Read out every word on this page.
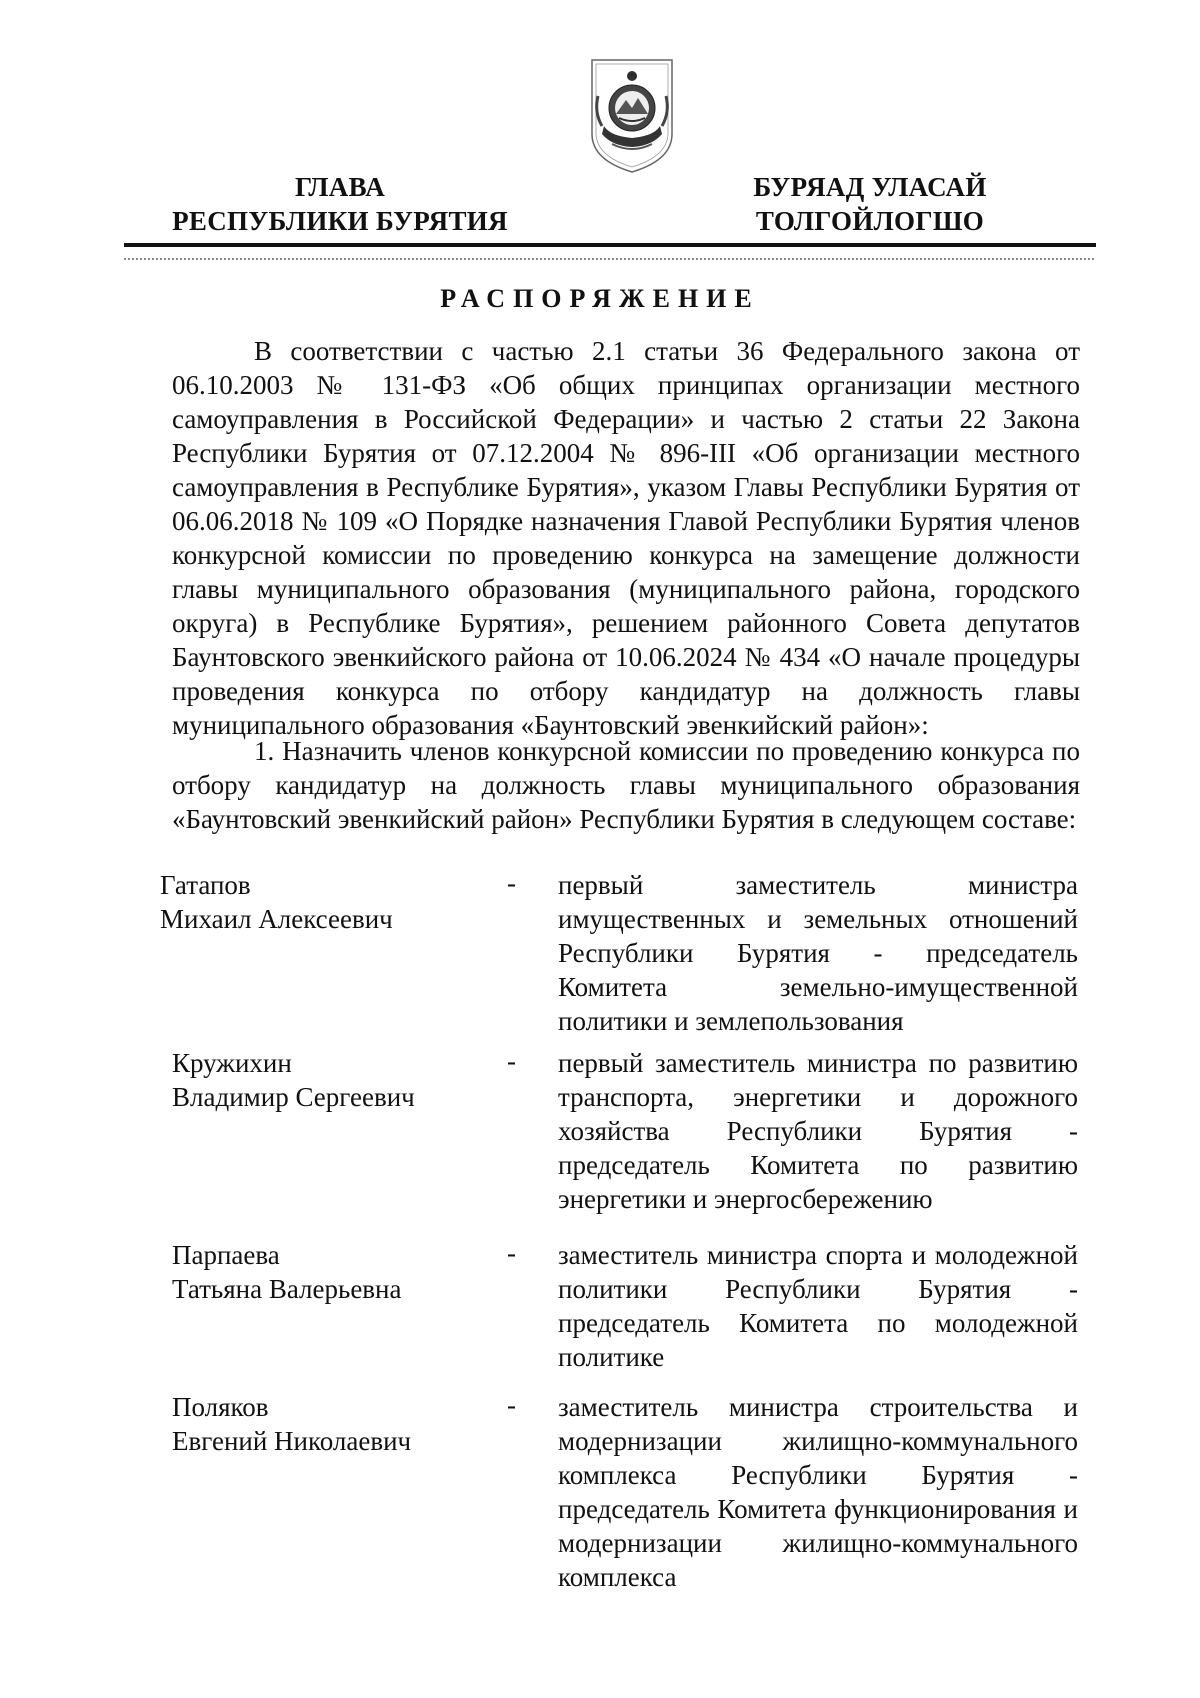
ГЛАВА
РЕСПУБЛИКИ БУРЯТИЯ
БУРЯАД УЛАСАЙ
ТОЛГОЙЛОГШО
РАСПОРЯЖЕНИЕ
В соответствии с частью 2.1 статьи 36 Федерального закона от 06.10.2003 № 131-ФЗ «Об общих принципах организации местного самоуправления в Российской Федерации» и частью 2 статьи 22 Закона Республики Бурятия от 07.12.2004 № 896-III «Об организации местного самоуправления в Республике Бурятия», указом Главы Республики Бурятия от 06.06.2018 № 109 «О Порядке назначения Главой Республики Бурятия членов конкурсной комиссии по проведению конкурса на замещение должности главы муниципального образования (муниципального района, городского округа) в Республике Бурятия», решением районного Совета депутатов Баунтовского эвенкийского района от 10.06.2024 № 434 «О начале процедуры проведения конкурса по отбору кандидатур на должность главы муниципального образования «Баунтовский эвенкийский район»:
1. Назначить членов конкурсной комиссии по проведению конкурса по отбору кандидатур на должность главы муниципального образования «Баунтовский эвенкийский район» Республики Бурятия в следующем составе:
Гатапов
Михаил Алексеевич
- первый заместитель министра имущественных и земельных отношений Республики Бурятия - председатель Комитета земельно-имущественной политики и землепользования
Кружихин
Владимир Сергеевич
- первый заместитель министра по развитию транспорта, энергетики и дорожного хозяйства Республики Бурятия - председатель Комитета по развитию энергетики и энергосбережению
Парпаева
Татьяна Валерьевна
- заместитель министра спорта и молодежной политики Республики Бурятия - председатель Комитета по молодежной политике
Поляков
Евгений Николаевич
- заместитель министра строительства и модернизации жилищно-коммунального комплекса Республики Бурятия - председатель Комитета функционирования и модернизации жилищно-коммунального комплекса
